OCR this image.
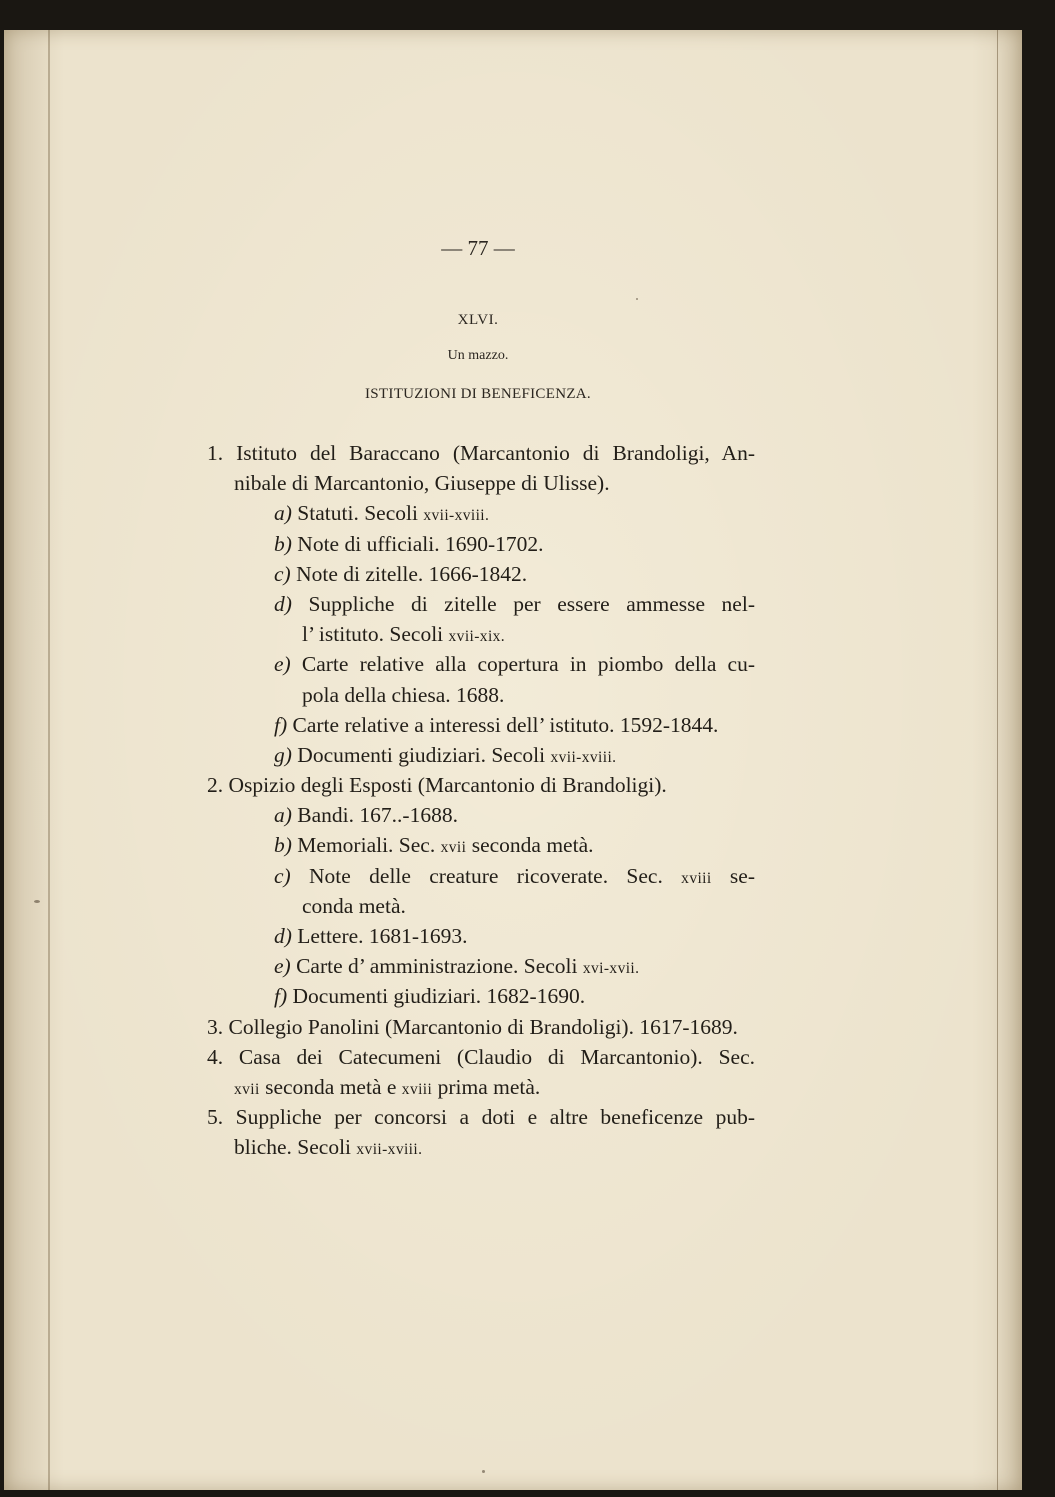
— 77 —
XLVI.
Un mazzo.
ISTITUZIONI DI BENEFICENZA.
1. Istituto del Baraccano (Marcantonio di Brandoligi, An-
nibale di Marcantonio, Giuseppe di Ulisse).
a) Statuti. Secoli xvii-xviii.
b) Note di ufficiali. 1690-1702.
c) Note di zitelle. 1666-1842.
d) Suppliche di zitelle per essere ammesse nel-
l’ istituto. Secoli xvii-xix.
e) Carte relative alla copertura in piombo della cu-
pola della chiesa. 1688.
f) Carte relative a interessi dell’ istituto. 1592-1844.
g) Documenti giudiziari. Secoli xvii-xviii.
2. Ospizio degli Esposti (Marcantonio di Brandoligi).
a) Bandi. 167..-1688.
b) Memoriali. Sec. xvii seconda metà.
c) Note delle creature ricoverate. Sec. xviii se-
conda metà.
d) Lettere. 1681-1693.
e) Carte d’ amministrazione. Secoli xvi-xvii.
f) Documenti giudiziari. 1682-1690.
3. Collegio Panolini (Marcantonio di Brandoligi). 1617-1689.
4. Casa dei Catecumeni (Claudio di Marcantonio). Sec.
xvii seconda metà e xviii prima metà.
5. Suppliche per concorsi a doti e altre beneficenze pub-
bliche. Secoli xvii-xviii.
